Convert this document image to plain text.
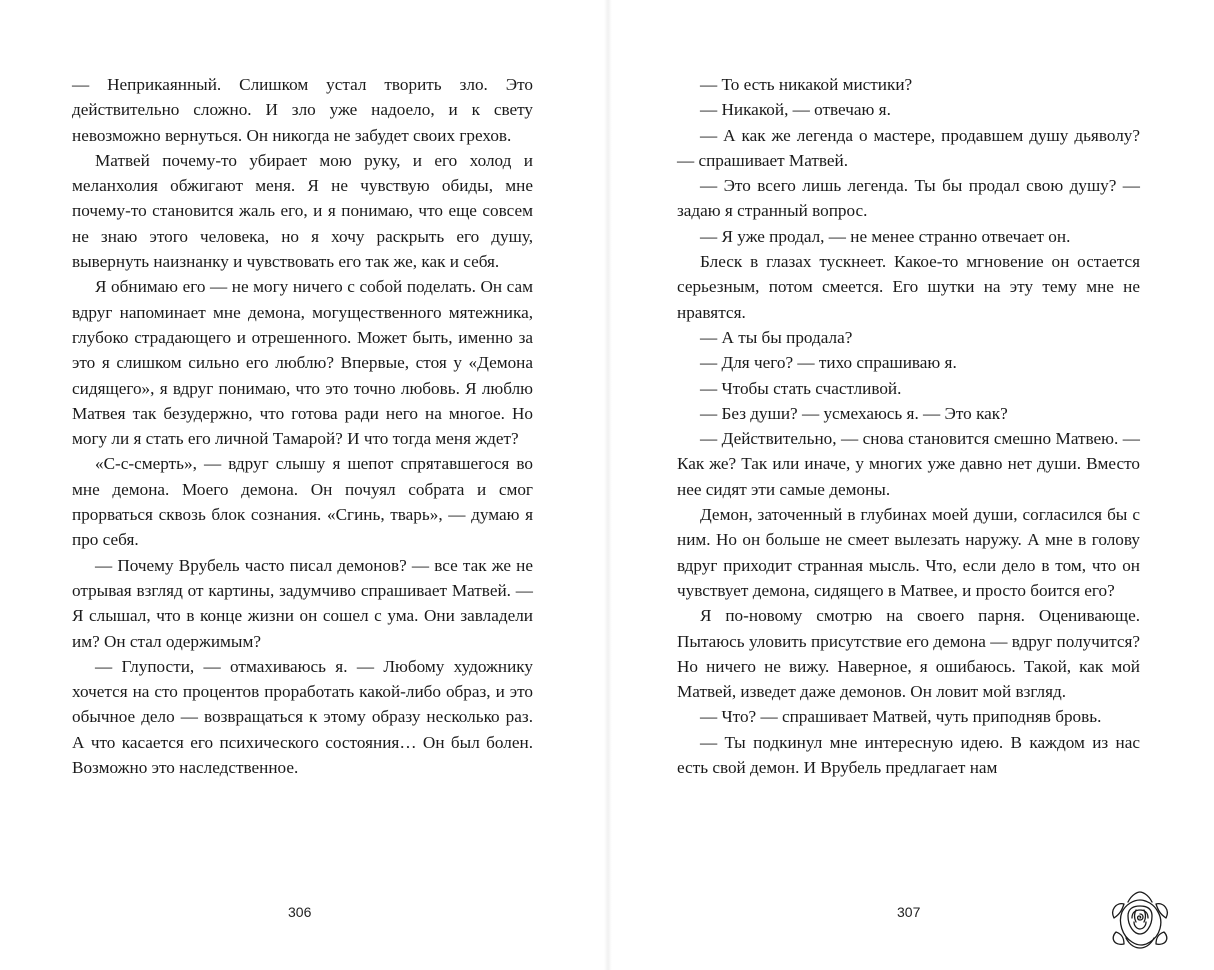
— Неприкаянный. Слишком устал творить зло. Это действительно сложно. И зло уже надоело, и к свету невозможно вернуться. Он никогда не забудет своих грехов.

Матвей почему-то убирает мою руку, и его холод и меланхолия обжигают меня. Я не чувствую обиды, мне почему-то становится жаль его, и я понимаю, что еще совсем не знаю этого человека, но я хочу раскрыть его душу, вывернуть наизнанку и чувствовать его так же, как и себя.

Я обнимаю его — не могу ничего с собой поделать. Он сам вдруг напоминает мне демона, могущественного мятежника, глубоко страдающего и отрешенного. Может быть, именно за это я слишком сильно его люблю? Впервые, стоя у «Демона сидящего», я вдруг понимаю, что это точно любовь. Я люблю Матвея так безудержно, что готова ради него на многое. Но могу ли я стать его личной Тамарой? И что тогда меня ждет?

«С-с-смерть», — вдруг слышу я шепот спрятавшегося во мне демона. Моего демона. Он почуял собрата и смог прорваться сквозь блок сознания. «Сгинь, тварь», — думаю я про себя.

— Почему Врубель часто писал демонов? — все так же не отрывая взгляд от картины, задумчиво спрашивает Матвей. — Я слышал, что в конце жизни он сошел с ума. Они завладели им? Он стал одержимым?

— Глупости, — отмахиваюсь я. — Любому художнику хочется на сто процентов проработать какой-либо образ, и это обычное дело — возвращаться к этому образу несколько раз. А что касается его психического состояния… Он был болен. Возможно это наследственное.

— То есть никакой мистики?

— Никакой, — отвечаю я.

— А как же легенда о мастере, продавшем душу дьяволу? — спрашивает Матвей.

— Это всего лишь легенда. Ты бы продал свою душу? — задаю я странный вопрос.

— Я уже продал, — не менее странно отвечает он.

Блеск в глазах тускнеет. Какое-то мгновение он остается серьезным, потом смеется. Его шутки на эту тему мне не нравятся.

— А ты бы продала?

— Для чего? — тихо спрашиваю я.

— Чтобы стать счастливой.

— Без души? — усмехаюсь я. — Это как?

— Действительно, — снова становится смешно Матвею. — Как же? Так или иначе, у многих уже давно нет души. Вместо нее сидят эти самые демоны.

Демон, заточенный в глубинах моей души, согласился бы с ним. Но он больше не смеет вылезать наружу. А мне в голову вдруг приходит странная мысль. Что, если дело в том, что он чувствует демона, сидящего в Матвее, и просто боится его?

Я по-новому смотрю на своего парня. Оценивающе. Пытаюсь уловить присутствие его демона — вдруг получится? Но ничего не вижу. Наверное, я ошибаюсь. Такой, как мой Матвей, изведет даже демонов. Он ловит мой взгляд.

— Что? — спрашивает Матвей, чуть приподняв бровь.

— Ты подкинул мне интересную идею. В каждом из нас есть свой демон. И Врубель предлагает нам

306	307
